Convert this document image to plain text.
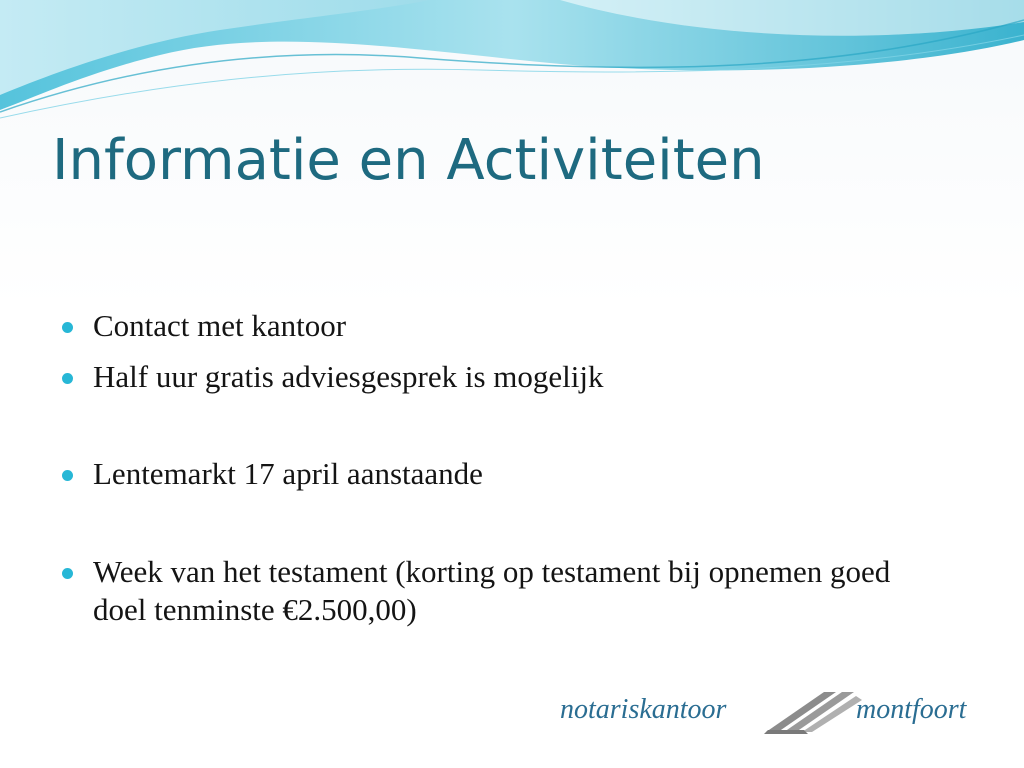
Informatie en Activiteiten
Contact met kantoor
Half uur gratis adviesgesprek is mogelijk
Lentemarkt 17 april aanstaande
Week van het testament (korting op testament bij opnemen goed doel tenminste €2.500,00)
notariskantoor	montfoort
